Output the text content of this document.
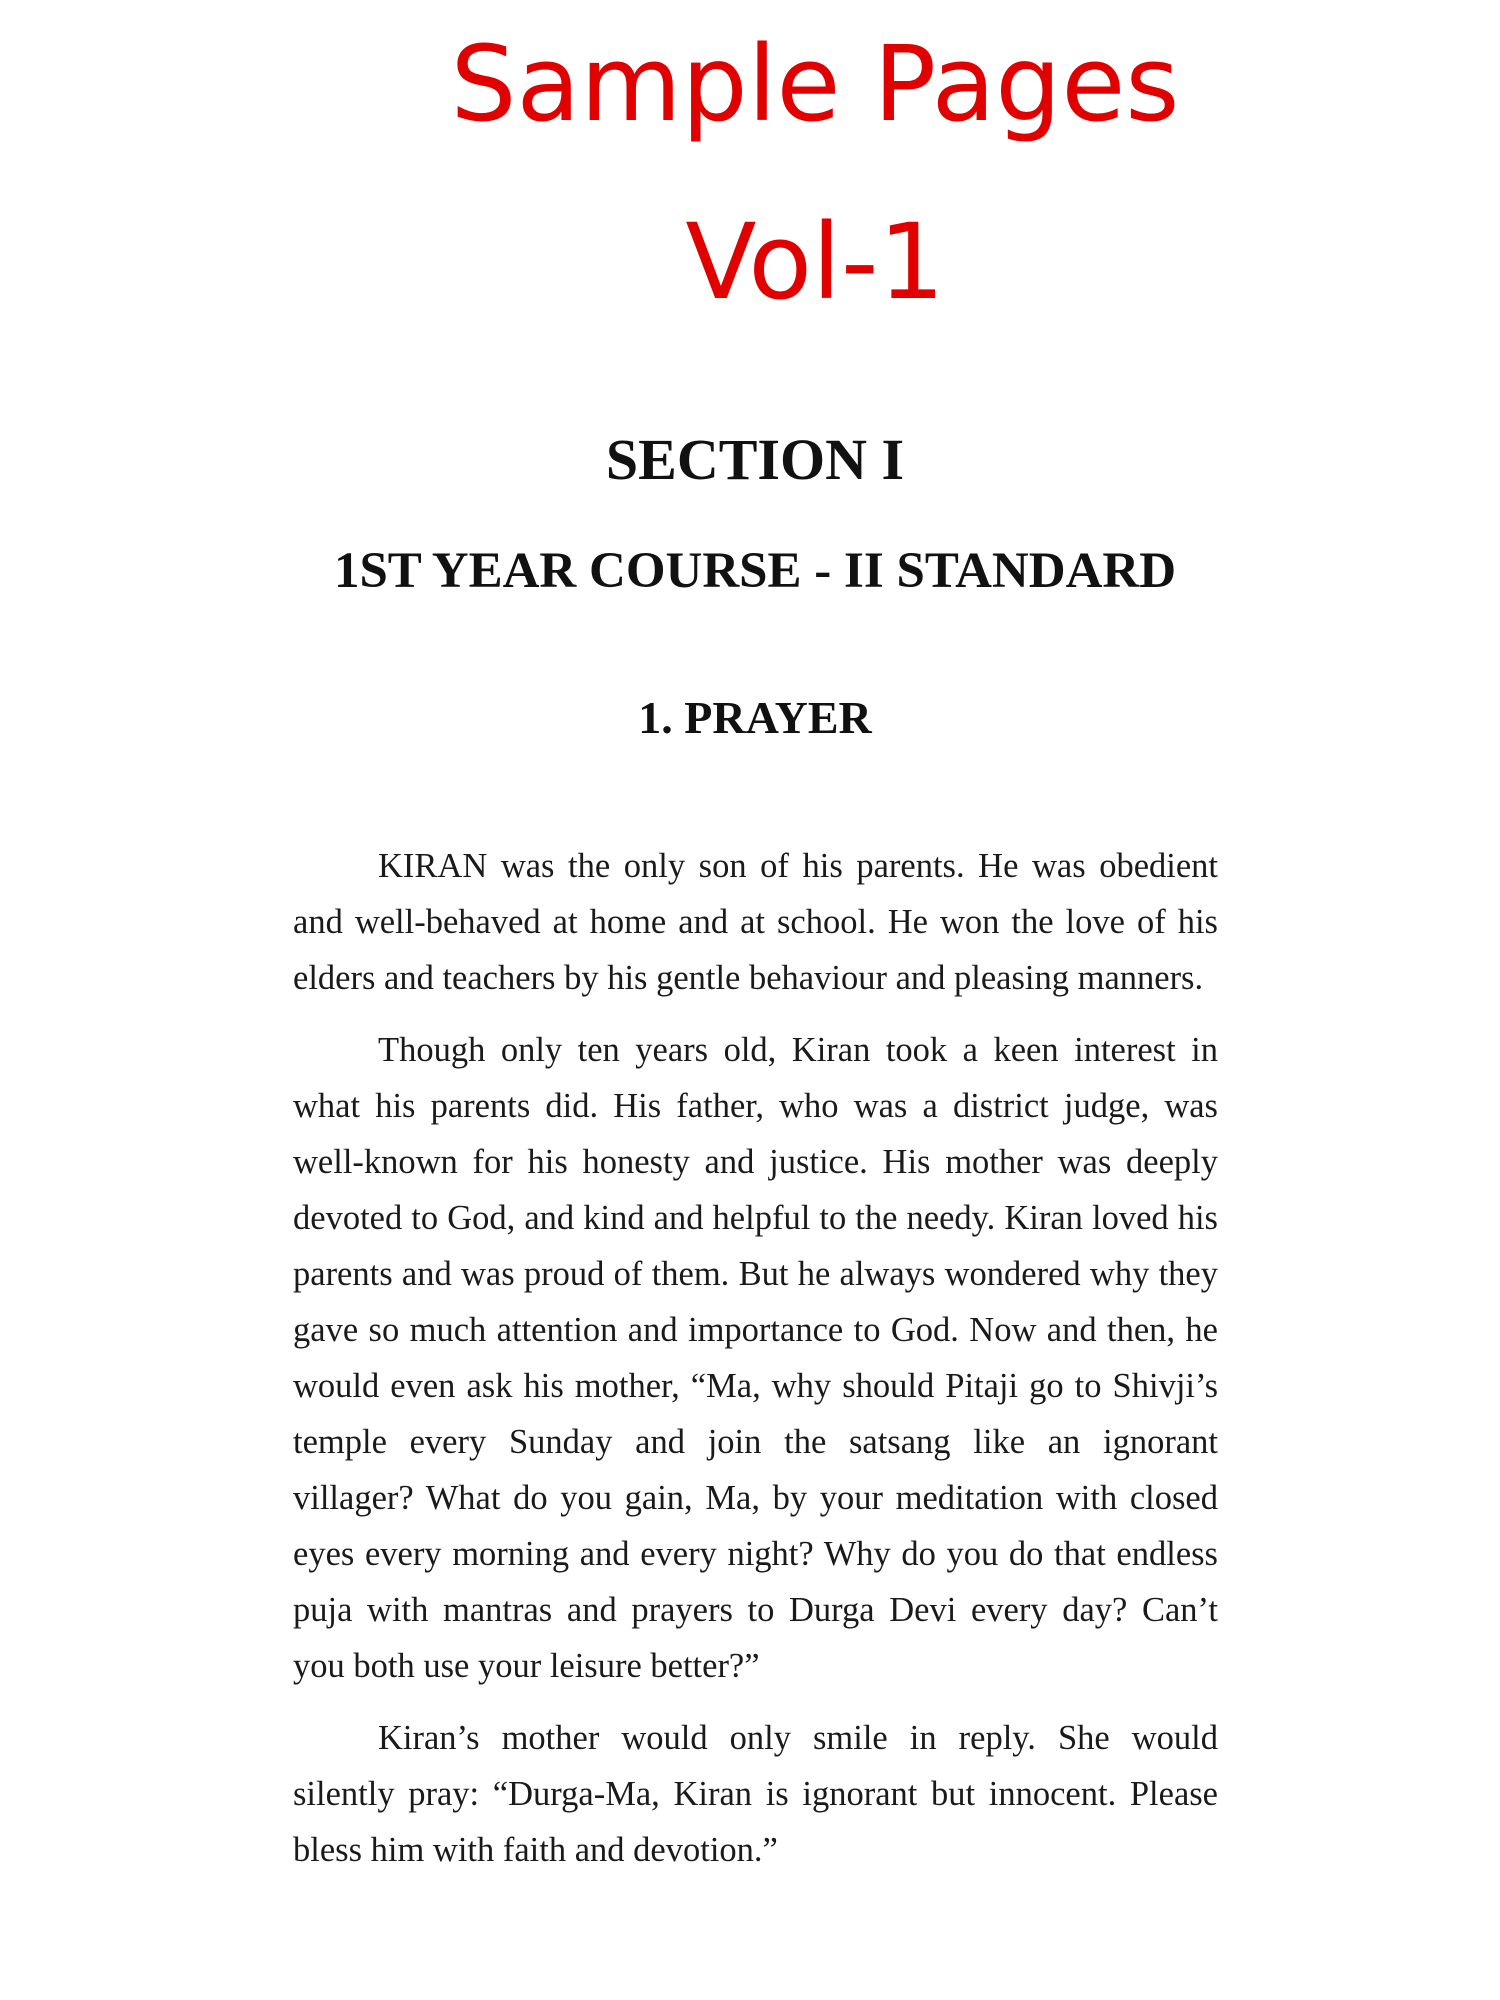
Sample Pages
Vol-1
SECTION I
1ST YEAR COURSE - II STANDARD
1. PRAYER

KIRAN was the only son of his parents. He was obedient and well-behaved at home and at school. He won the love of his elders and teachers by his gentle behaviour and pleasing manners.

Though only ten years old, Kiran took a keen interest in what his parents did. His father, who was a district judge, was well-known for his honesty and justice. His mother was deeply devoted to God, and kind and helpful to the needy. Kiran loved his parents and was proud of them. But he always wondered why they gave so much attention and importance to God. Now and then, he would even ask his mother, “Ma, why should Pitaji go to Shivji’s temple every Sunday and join the satsang like an ignorant villager? What do you gain, Ma, by your meditation with closed eyes every morning and every night? Why do you do that endless puja with mantras and prayers to Durga Devi every day? Can’t you both use your leisure better?”

Kiran’s mother would only smile in reply. She would silently pray: “Durga-Ma, Kiran is ignorant but innocent. Please bless him with faith and devotion.”
